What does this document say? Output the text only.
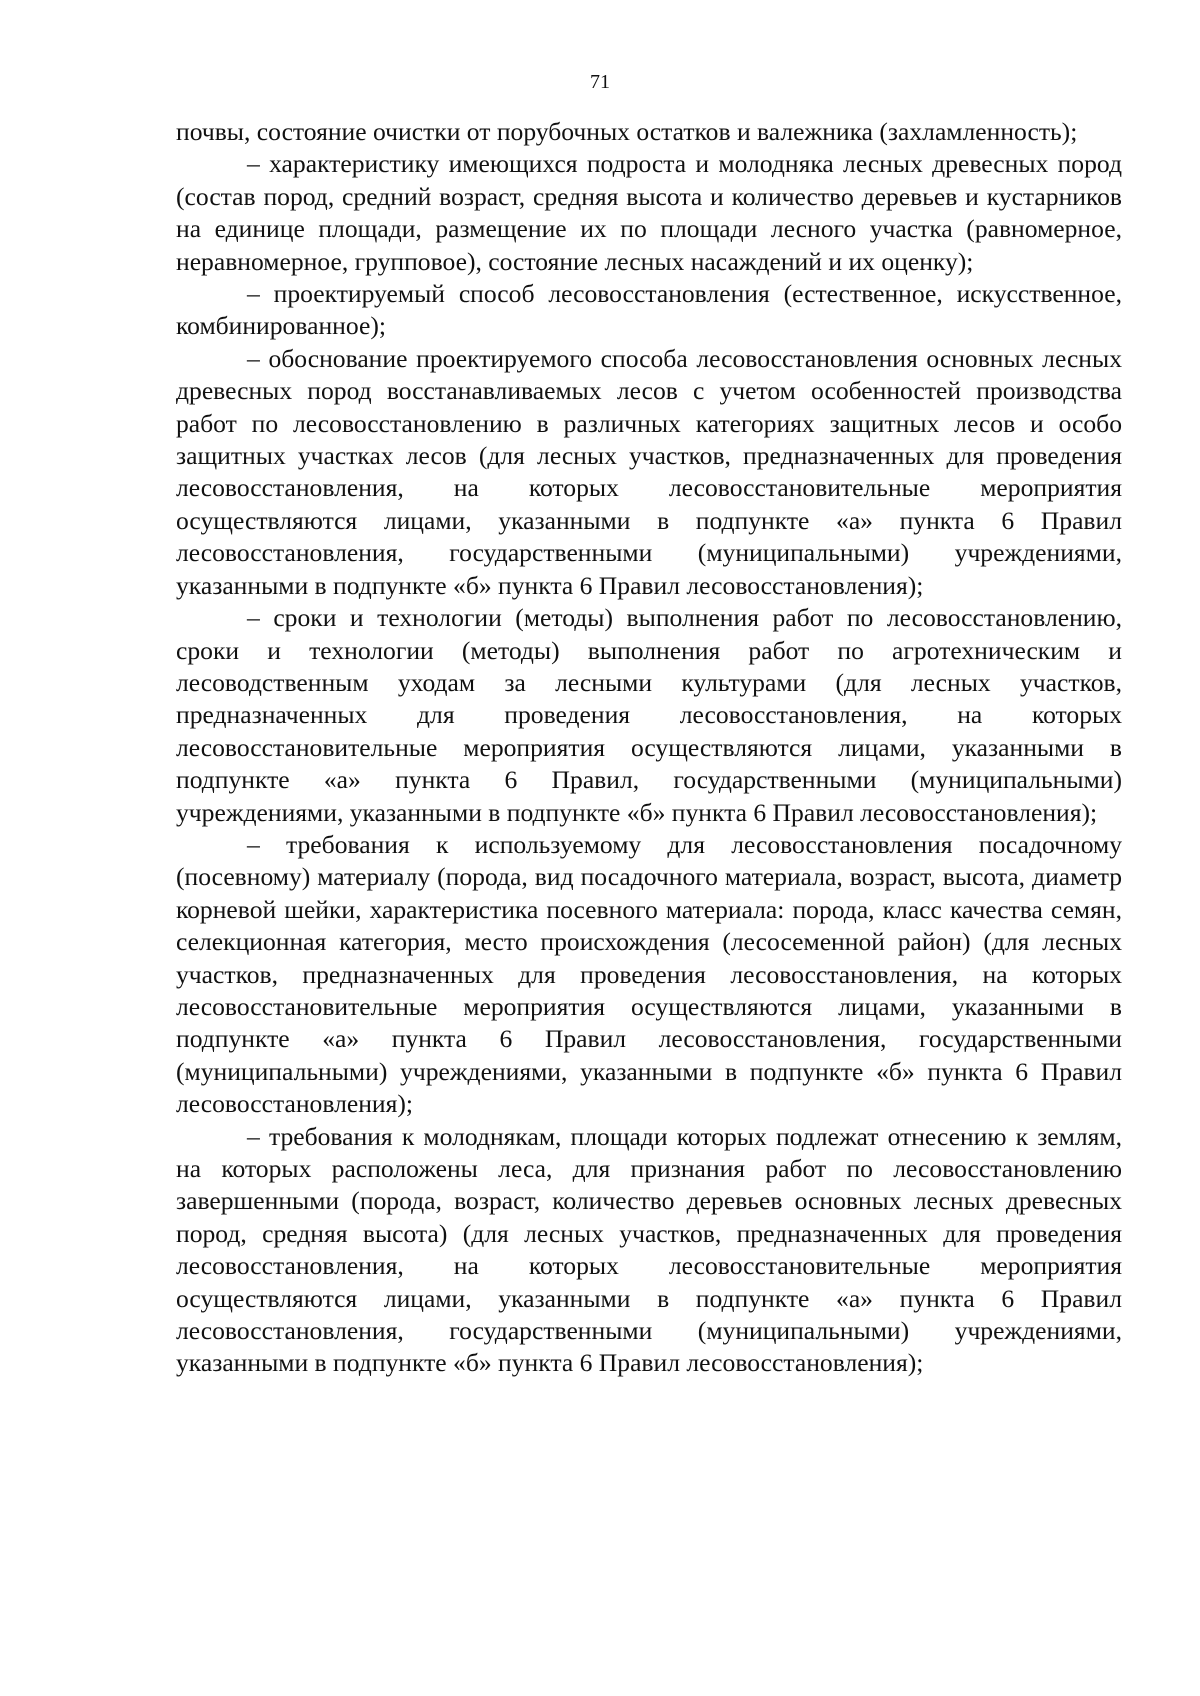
71

почвы, состояние очистки от порубочных остатков и валежника (захламленность);

– характеристику имеющихся подроста и молодняка лесных древесных пород (состав пород, средний возраст, средняя высота и количество деревьев и кустарников на единице площади, размещение их по площади лесного участка (равномерное, неравномерное, групповое), состояние лесных насаждений и их оценку);

– проектируемый способ лесовосстановления (естественное, искусственное, комбинированное);

– обоснование проектируемого способа лесовосстановления основных лесных древесных пород восстанавливаемых лесов с учетом особенностей производства работ по лесовосстановлению в различных категориях защитных лесов и особо защитных участках лесов (для лесных участков, предназначенных для проведения лесовосстановления, на которых лесовосстановительные мероприятия осуществляются лицами, указанными в подпункте «а» пункта 6 Правил лесовосстановления, государственными (муниципальными) учреждениями, указанными в подпункте «б» пункта 6 Правил лесовосстановления);

– сроки и технологии (методы) выполнения работ по лесовосстановлению, сроки и технологии (методы) выполнения работ по агротехническим и лесоводственным уходам за лесными культурами (для лесных участков, предназначенных для проведения лесовосстановления, на которых лесовосстановительные мероприятия осуществляются лицами, указанными в подпункте «а» пункта 6 Правил, государственными (муниципальными) учреждениями, указанными в подпункте «б» пункта 6 Правил лесовосстановления);

– требования к используемому для лесовосстановления посадочному (посевному) материалу (порода, вид посадочного материала, возраст, высота, диаметр корневой шейки, характеристика посевного материала: порода, класс качества семян, селекционная категория, место происхождения (лесосеменной район) (для лесных участков, предназначенных для проведения лесовосстановления, на которых лесовосстановительные мероприятия осуществляются лицами, указанными в подпункте «а» пункта 6 Правил лесовосстановления, государственными (муниципальными) учреждениями, указанными в подпункте «б» пункта 6 Правил лесовосстановления);

– требования к молоднякам, площади которых подлежат отнесению к землям, на которых расположены леса, для признания работ по лесовосстановлению завершенными (порода, возраст, количество деревьев основных лесных древесных пород, средняя высота) (для лесных участков, предназначенных для проведения лесовосстановления, на которых лесовосстановительные мероприятия осуществляются лицами, указанными в подпункте «а» пункта 6 Правил лесовосстановления, государственными (муниципальными) учреждениями, указанными в подпункте «б» пункта 6 Правил лесовосстановления);
